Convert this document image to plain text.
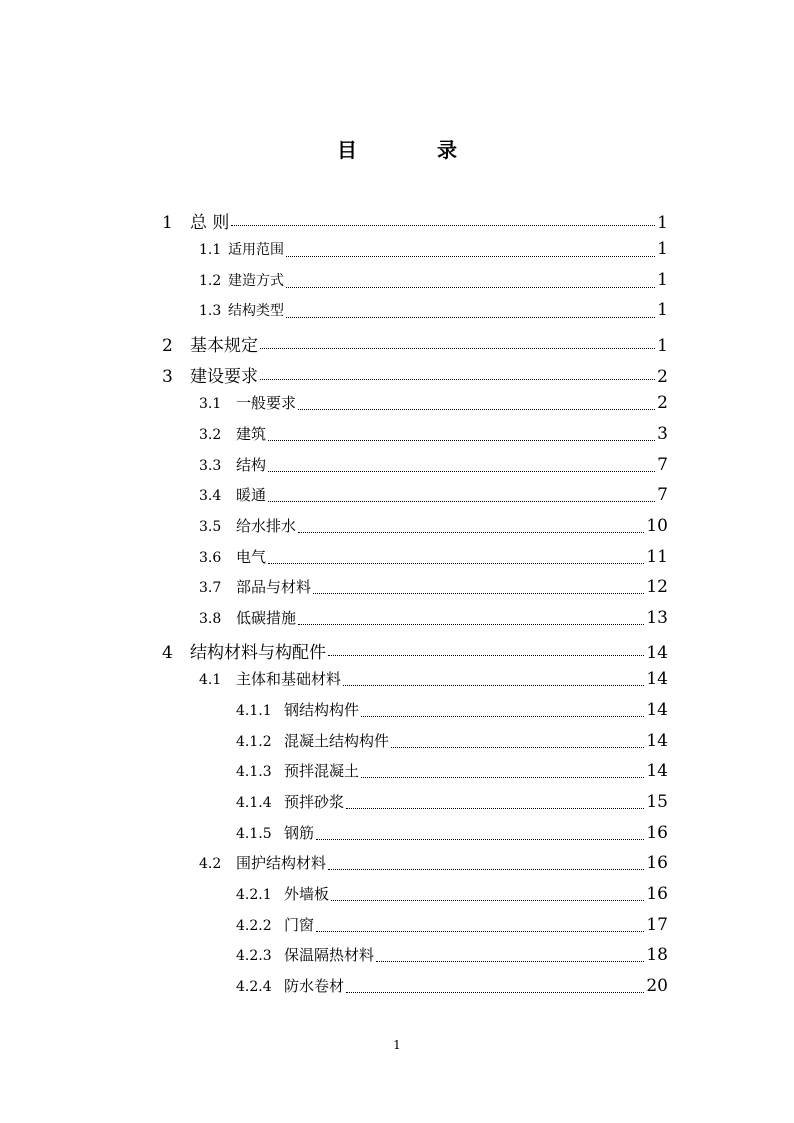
目　录
1	总 则	1
1.1 适用范围	1
1.2 建造方式	1
1.3 结构类型	1
2	基本规定	1
3	建设要求	2
3.1 一般要求	2
3.2 建筑	3
3.3 结构	7
3.4 暖通	7
3.5 给水排水	10
3.6 电气	11
3.7 部品与材料	12
3.8 低碳措施	13
4	结构材料与构配件	14
4.1 主体和基础材料	14
4.1.1 钢结构构件	14
4.1.2 混凝土结构构件	14
4.1.3 预拌混凝土	14
4.1.4 预拌砂浆	15
4.1.5 钢筋	16
4.2 围护结构材料	16
4.2.1 外墙板	16
4.2.2 门窗	17
4.2.3 保温隔热材料	18
4.2.4 防水卷材	20
1
